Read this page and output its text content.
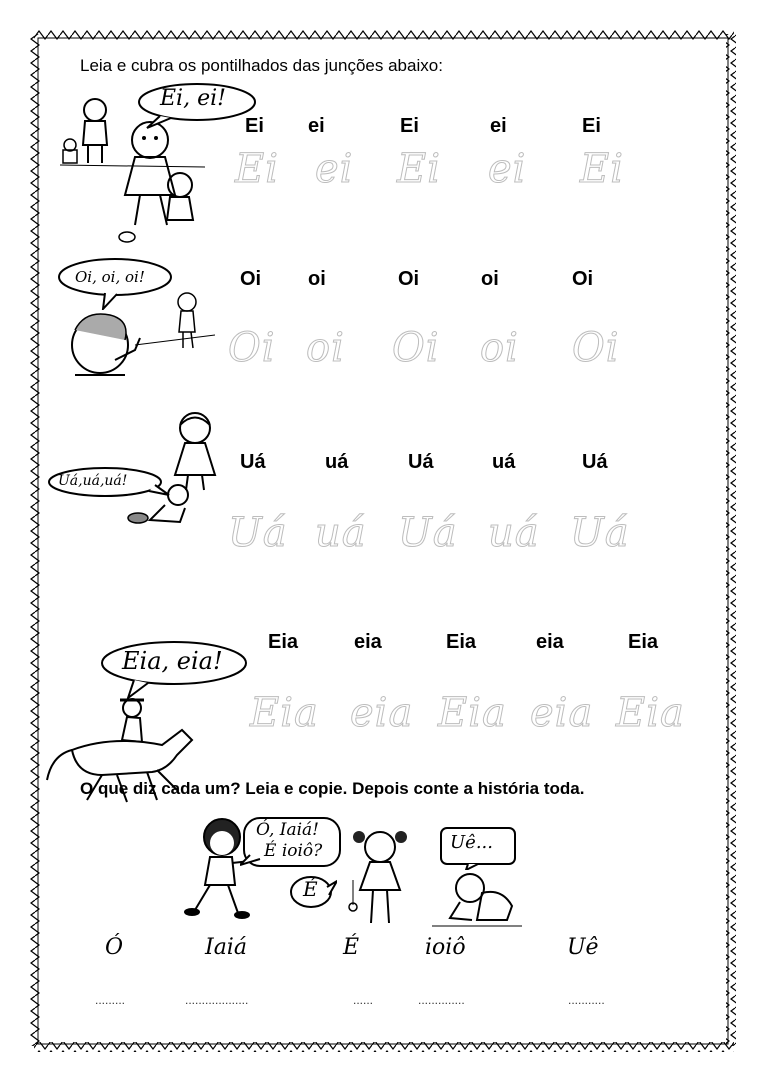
Leia e cubra os pontilhados das junções abaixo:
Ei, ei!
Ei ei	Ei	ei	Ei
Ei ei Ei ei Ei
Oi, oi, oi!	Oi oi	Oi	oi	Oi
Oi oi Oi oi Oi
Uá,uá,uá!
Uá	uá	Uá	uá	Uá
Uá uá Uá uá Uá
Eia, eia!
Eia	eia	Eia	eia	Eia
Eia eia Eia eia Eia
O que diz cada um? Leia e copie. Depois conte a história toda.
Ó, Iaiá!
É ioiô?
É
Uê...
Ó	Iaiá	É	ioiô	Uê
.........	...................	......	..............	...........
